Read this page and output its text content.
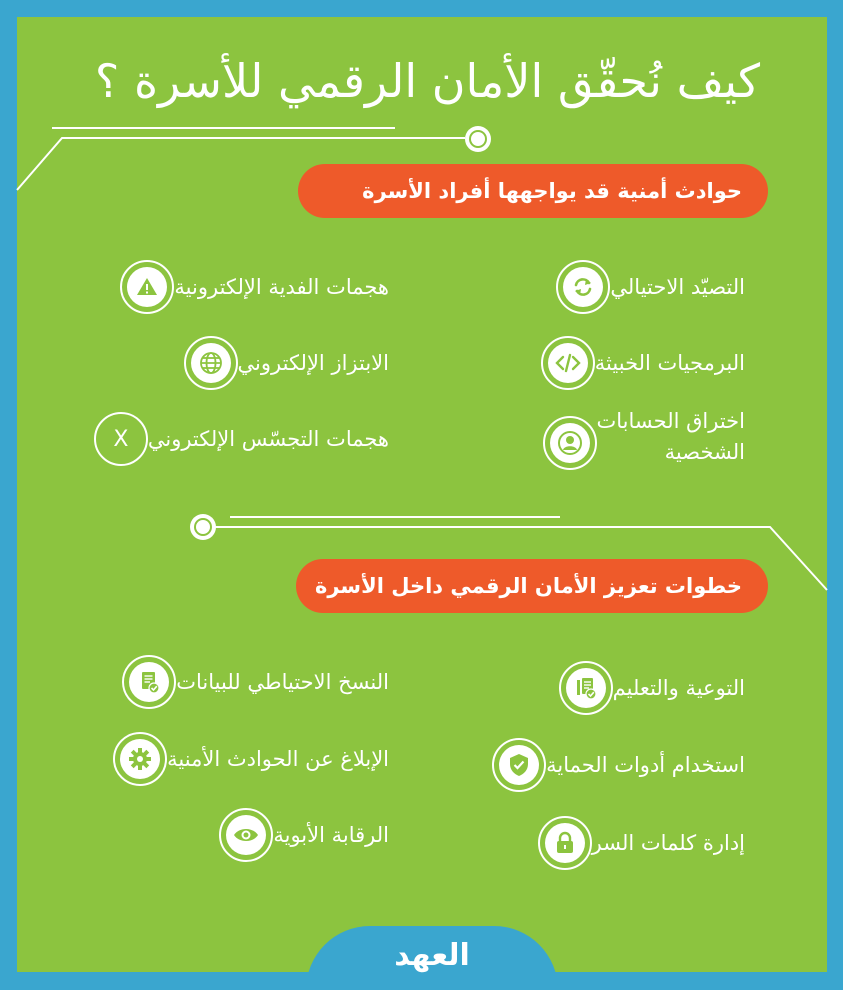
كيف نُحقّق الأمان الرقمي للأسرة ؟
حوادث أمنية قد يواجهها أفراد الأسرة
التصيّد الاحتيالي
هجمات الفدية الإلكترونية
البرمجيات الخبيثة
الابتزاز الإلكتروني
اختراق الحسابات
الشخصية
X هجمات التجسّس الإلكتروني
خطوات تعزيز الأمان الرقمي داخل الأسرة
التوعية والتعليم
النسخ الاحتياطي للبيانات
استخدام أدوات الحماية
الإبلاغ عن الحوادث الأمنية
إدارة كلمات السر
الرقابة الأبوية
العهد
